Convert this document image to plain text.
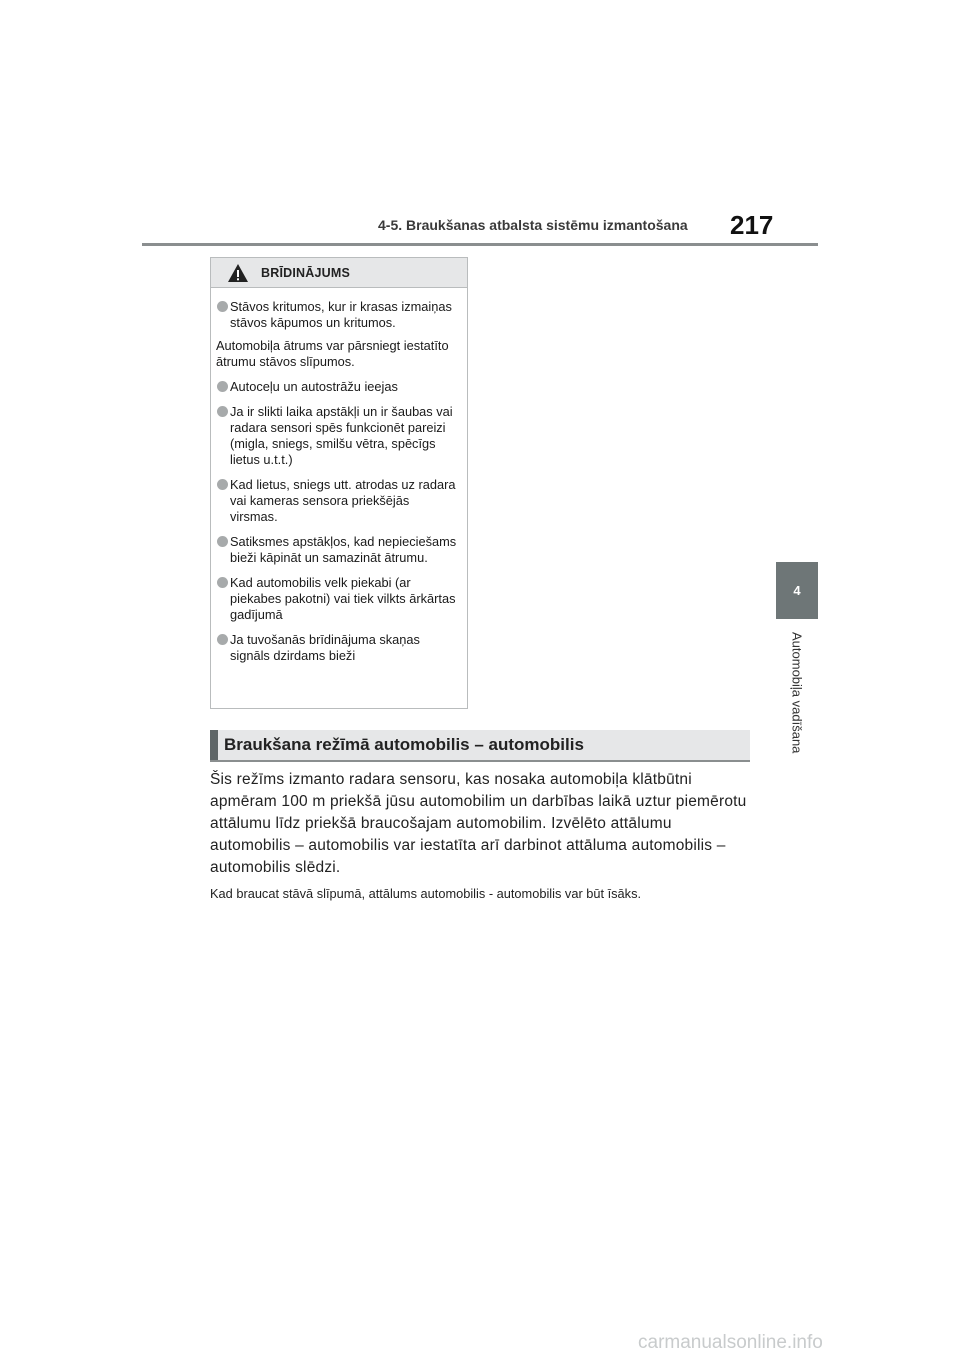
4-5. Braukšanas atbalsta sistēmu izmantošana	217
4
Automobiļa vadīšana
BRĪDINĀJUMS
Stāvos kritumos, kur ir krasas izmaiņas stāvos kāpumos un kritumos.
Automobiļa ātrums var pārsniegt iestatīto ātrumu stāvos slīpumos.
Autoceļu un autostrāžu ieejas
Ja ir slikti laika apstākļi un ir šaubas vai radara sensori spēs funkcionēt pareizi (migla, sniegs, smilšu vētra, spēcīgs lietus u.t.t.)
Kad lietus, sniegs utt. atrodas uz radara vai kameras sensora priekšējās virsmas.
Satiksmes apstākļos, kad nepieciešams bieži kāpināt un samazināt ātrumu.
Kad automobilis velk piekabi (ar piekabes pakotni) vai tiek vilkts ārkārtas gadījumā
Ja tuvošanās brīdinājuma skaņas signāls dzirdams bieži
Braukšana režīmā automobilis – automobilis
Šis režīms izmanto radara sensoru, kas nosaka automobiļa klātbūtni apmēram 100 m priekšā jūsu automobilim un darbības laikā uztur piemērotu attālumu līdz priekšā braucošajam automobilim. Izvēlēto attālumu automobilis – automobilis var iestatīta arī darbinot attāluma automobilis – automobilis slēdzi.
Kad braucat stāvā slīpumā, attālums automobilis - automobilis var būt īsāks.
carmanualsonline.info
